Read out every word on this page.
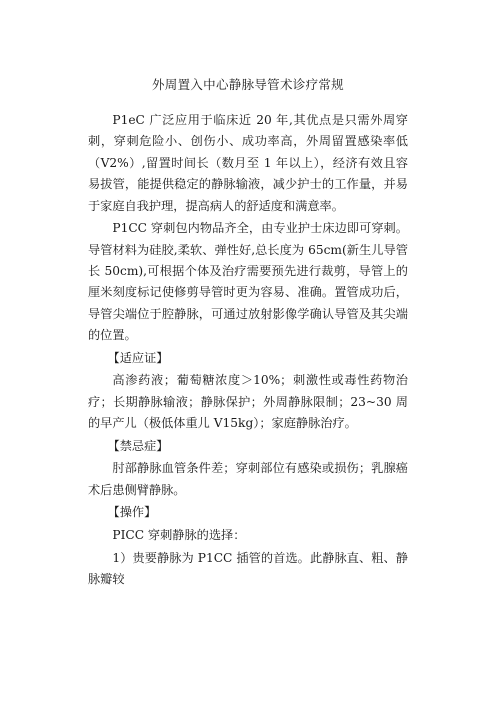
外周置入中心静脉导管术诊疗常规

P1eC 广泛应用于临床近 20 年,其优点是只需外周穿刺，穿刺危险小、创伤小、成功率高，外周留置感染率低（V2%）,留置时间长（数月至 1 年以上），经济有效且容易拔管，能提供稳定的静脉输液，减少护士的工作量，并易于家庭自我护理，提高病人的舒适度和满意率。

P1CC 穿刺包内物品齐全，由专业护士床边即可穿刺。导管材料为硅胶,柔软、弹性好,总长度为 65cm(新生儿导管长 50cm),可根据个体及治疗需要预先进行裁剪，导管上的厘米刻度标记使修剪导管时更为容易、准确。置管成功后，导管尖端位于腔静脉，可通过放射影像学确认导管及其尖端的位置。

【适应证】

高渗药液；葡萄糖浓度＞10%；刺激性或毒性药物治疗；长期静脉输液；静脉保护；外周静脉限制；23~30 周的早产儿（极低体重儿 V15kg）；家庭静脉治疗。

【禁忌症】

肘部静脉血管条件差；穿刺部位有感染或损伤；乳腺癌术后患侧臂静脉。

【操作】

PICC 穿刺静脉的选择：

1）贵要静脉为 P1CC 插管的首选。此静脉直、粗、静脉瓣较
